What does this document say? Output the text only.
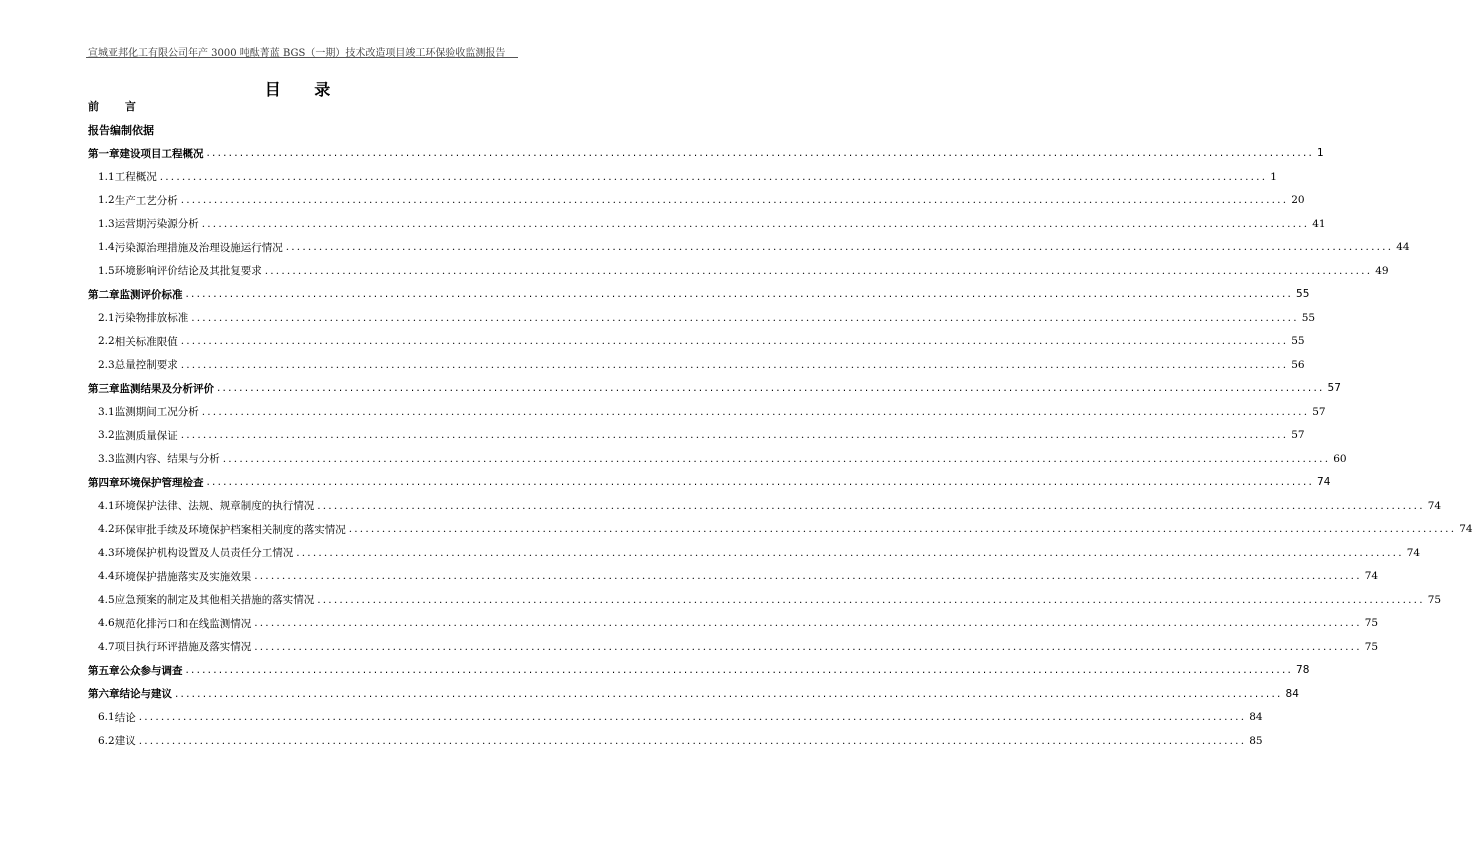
宣城亚邦化工有限公司年产 3000 吨酞菁蓝 BGS（一期）技术改造项目竣工环保验收监测报告
目 录
前 言
报告编制依据
第一章 建设项目工程概况 ........................................................................................................................................................................................................ 1
1.1 工程概况 ........................................................................................................................................................................................................ 1
1.2 生产工艺分析 ........................................................................................................................................................................................................ 20
1.3 运营期污染源分析 ........................................................................................................................................................................................................ 41
1.4 污染源治理措施及治理设施运行情况 ........................................................................................................................................................................................................ 44
1.5 环境影响评价结论及其批复要求 ........................................................................................................................................................................................................ 49
第二章 监测评价标准 ........................................................................................................................................................................................................ 55
2.1 污染物排放标准 ........................................................................................................................................................................................................ 55
2.2 相关标准限值 ........................................................................................................................................................................................................ 55
2.3 总量控制要求 ........................................................................................................................................................................................................ 56
第三章 监测结果及分析评价 ........................................................................................................................................................................................................ 57
3.1 监测期间工况分析 ........................................................................................................................................................................................................ 57
3.2 监测质量保证 ........................................................................................................................................................................................................ 57
3.3 监测内容、结果与分析 ........................................................................................................................................................................................................ 60
第四章 环境保护管理检查 ........................................................................................................................................................................................................ 74
4.1 环境保护法律、法规、规章制度的执行情况 ........................................................................................................................................................................................................ 74
4.2 环保审批手续及环境保护档案相关制度的落实情况 ........................................................................................................................................................................................................ 74
4.3 环境保护机构设置及人员责任分工情况 ........................................................................................................................................................................................................ 74
4.4 环境保护措施落实及实施效果 ........................................................................................................................................................................................................ 74
4.5 应急预案的制定及其他相关措施的落实情况 ........................................................................................................................................................................................................ 75
4.6 规范化排污口和在线监测情况 ........................................................................................................................................................................................................ 75
4.7 项目执行环评措施及落实情况 ........................................................................................................................................................................................................ 75
第五章 公众参与调查 ........................................................................................................................................................................................................ 78
第六章 结论与建议 ........................................................................................................................................................................................................ 84
6.1 结论 ........................................................................................................................................................................................................ 84
6.2 建议 ........................................................................................................................................................................................................ 85
